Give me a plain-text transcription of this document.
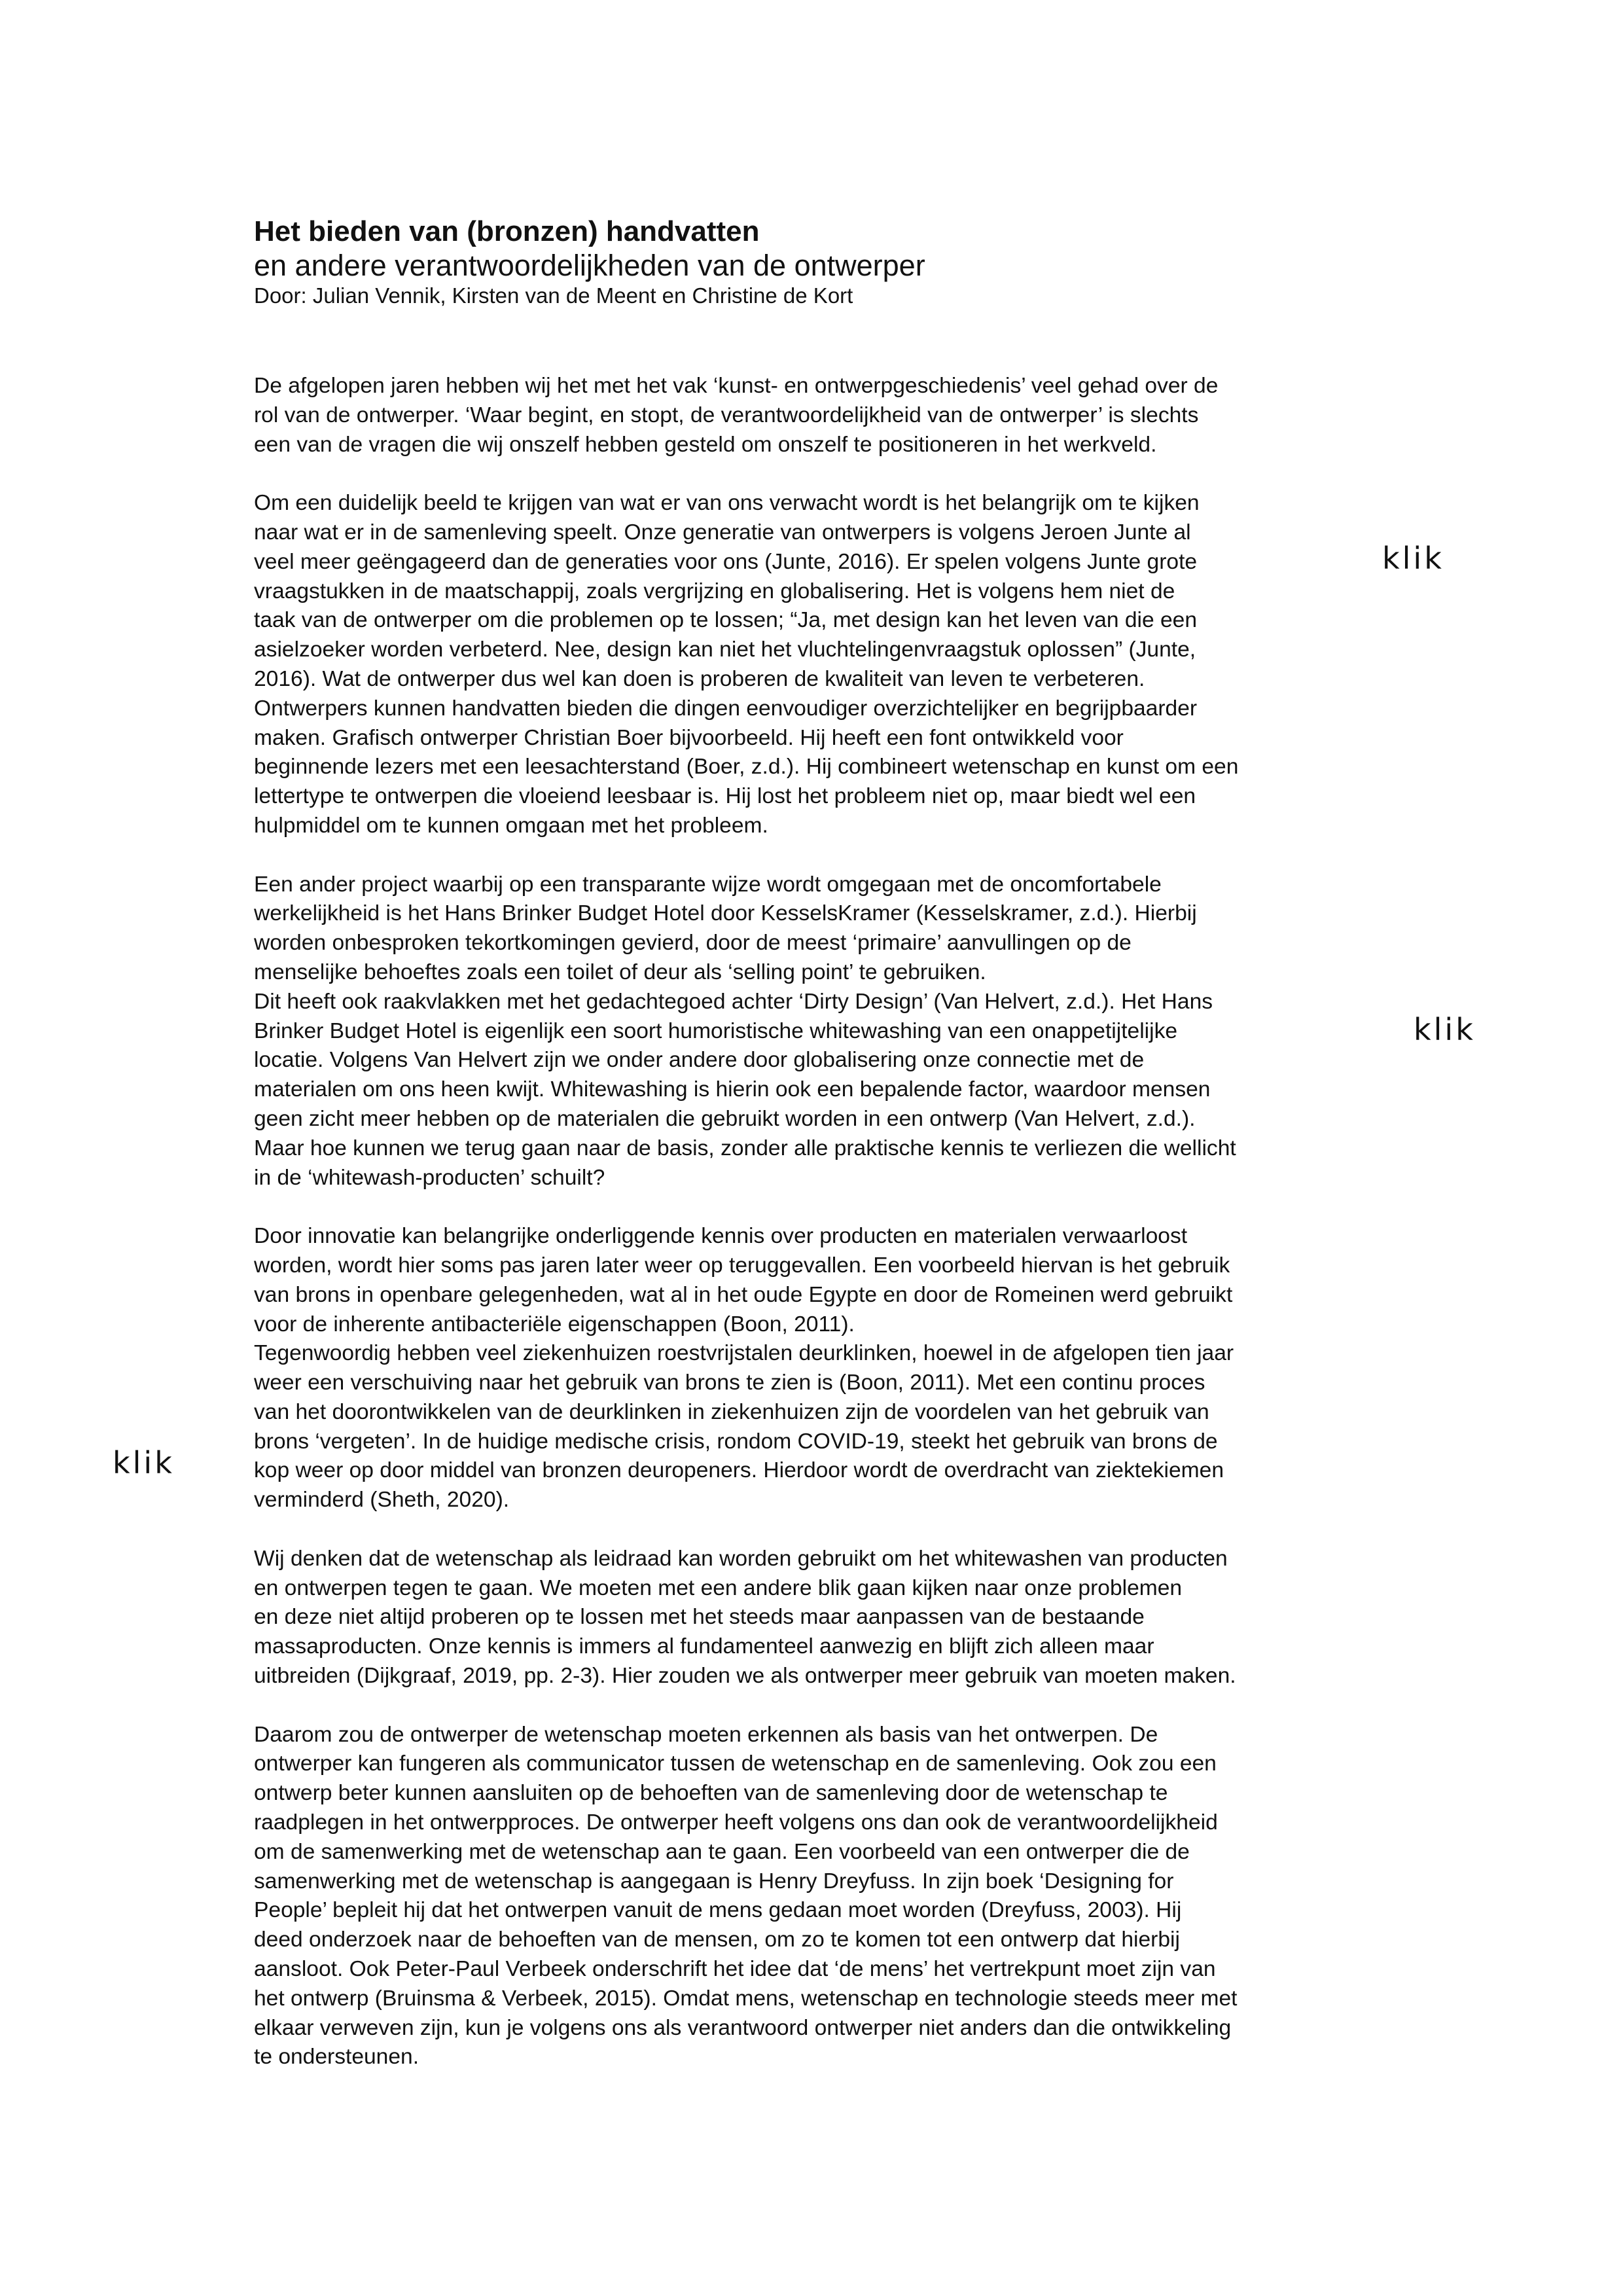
Het bieden van (bronzen) handvatten
en andere verantwoordelijkheden van de ontwerper

Door: Julian Vennik, Kirsten van de Meent en Christine de Kort

De afgelopen jaren hebben wij het met het vak ‘kunst- en ontwerpgeschiedenis’ veel gehad over de
rol van de ontwerper. ‘Waar begint, en stopt, de verantwoordelijkheid van de ontwerper’ is slechts
een van de vragen die wij onszelf hebben gesteld om onszelf te positioneren in het werkveld.

Om een duidelijk beeld te krijgen van wat er van ons verwacht wordt is het belangrijk om te kijken
naar wat er in de samenleving speelt. Onze generatie van ontwerpers is volgens Jeroen Junte al
veel meer geëngageerd dan de generaties voor ons (Junte, 2016). Er spelen volgens Junte grote
vraagstukken in de maatschappij, zoals vergrijzing en globalisering. Het is volgens hem niet de
taak van de ontwerper om die problemen op te lossen; “Ja, met design kan het leven van die een
asielzoeker worden verbeterd. Nee, design kan niet het vluchtelingenvraagstuk oplossen” (Junte,
2016). Wat de ontwerper dus wel kan doen is proberen de kwaliteit van leven te verbeteren.
Ontwerpers kunnen handvatten bieden die dingen eenvoudiger overzichtelijker en begrijpbaarder
maken. Grafisch ontwerper Christian Boer bijvoorbeeld. Hij heeft een font ontwikkeld voor
beginnende lezers met een leesachterstand (Boer, z.d.). Hij combineert wetenschap en kunst om een
lettertype te ontwerpen die vloeiend leesbaar is. Hij lost het probleem niet op, maar biedt wel een
hulpmiddel om te kunnen omgaan met het probleem.

Een ander project waarbij op een transparante wijze wordt omgegaan met de oncomfortabele
werkelijkheid is het Hans Brinker Budget Hotel door KesselsKramer (Kesselskramer, z.d.). Hierbij
worden onbesproken tekortkomingen gevierd, door de meest ‘primaire’ aanvullingen op de
menselijke behoeftes zoals een toilet of deur als ‘selling point’ te gebruiken.

Dit heeft ook raakvlakken met het gedachtegoed achter ‘Dirty Design’ (Van Helvert, z.d.). Het Hans
Brinker Budget Hotel is eigenlijk een soort humoristische whitewashing van een onappetijtelijke
locatie. Volgens Van Helvert zijn we onder andere door globalisering onze connectie met de
materialen om ons heen kwijt. Whitewashing is hierin ook een bepalende factor, waardoor mensen
geen zicht meer hebben op de materialen die gebruikt worden in een ontwerp (Van Helvert, z.d.).
Maar hoe kunnen we terug gaan naar de basis, zonder alle praktische kennis te verliezen die wellicht
in de ‘whitewash-producten’ schuilt?

Door innovatie kan belangrijke onderliggende kennis over producten en materialen verwaarloost
worden, wordt hier soms pas jaren later weer op teruggevallen. Een voorbeeld hiervan is het gebruik
van brons in openbare gelegenheden, wat al in het oude Egypte en door de Romeinen werd gebruikt
voor de inherente antibacteriële eigenschappen (Boon, 2011).

Tegenwoordig hebben veel ziekenhuizen roestvrijstalen deurklinken, hoewel in de afgelopen tien jaar
weer een verschuiving naar het gebruik van brons te zien is (Boon, 2011). Met een continu proces
van het doorontwikkelen van de deurklinken in ziekenhuizen zijn de voordelen van het gebruik van
brons ‘vergeten’. In de huidige medische crisis, rondom COVID-19, steekt het gebruik van brons de
kop weer op door middel van bronzen deuropeners. Hierdoor wordt de overdracht van ziektekiemen
verminderd (Sheth, 2020).

Wij denken dat de wetenschap als leidraad kan worden gebruikt om het whitewashen van producten
en ontwerpen tegen te gaan. We moeten met een andere blik gaan kijken naar onze problemen
en deze niet altijd proberen op te lossen met het steeds maar aanpassen van de bestaande
massaproducten. Onze kennis is immers al fundamenteel aanwezig en blijft zich alleen maar
uitbreiden (Dijkgraaf, 2019, pp. 2-3). Hier zouden we als ontwerper meer gebruik van moeten maken.

Daarom zou de ontwerper de wetenschap moeten erkennen als basis van het ontwerpen. De
ontwerper kan fungeren als communicator tussen de wetenschap en de samenleving. Ook zou een
ontwerp beter kunnen aansluiten op de behoeften van de samenleving door de wetenschap te
raadplegen in het ontwerpproces. De ontwerper heeft volgens ons dan ook de verantwoordelijkheid
om de samenwerking met de wetenschap aan te gaan. Een voorbeeld van een ontwerper die de
samenwerking met de wetenschap is aangegaan is Henry Dreyfuss. In zijn boek ‘Designing for
People’ bepleit hij dat het ontwerpen vanuit de mens gedaan moet worden (Dreyfuss, 2003). Hij
deed onderzoek naar de behoeften van de mensen, om zo te komen tot een ontwerp dat hierbij
aansloot. Ook Peter-Paul Verbeek onderschrift het idee dat ‘de mens’ het vertrekpunt moet zijn van
het ontwerp (Bruinsma & Verbeek, 2015). Omdat mens, wetenschap en technologie steeds meer met
elkaar verweven zijn, kun je volgens ons als verantwoord ontwerper niet anders dan die ontwikkeling
te ondersteunen.

klik
klik
klik
